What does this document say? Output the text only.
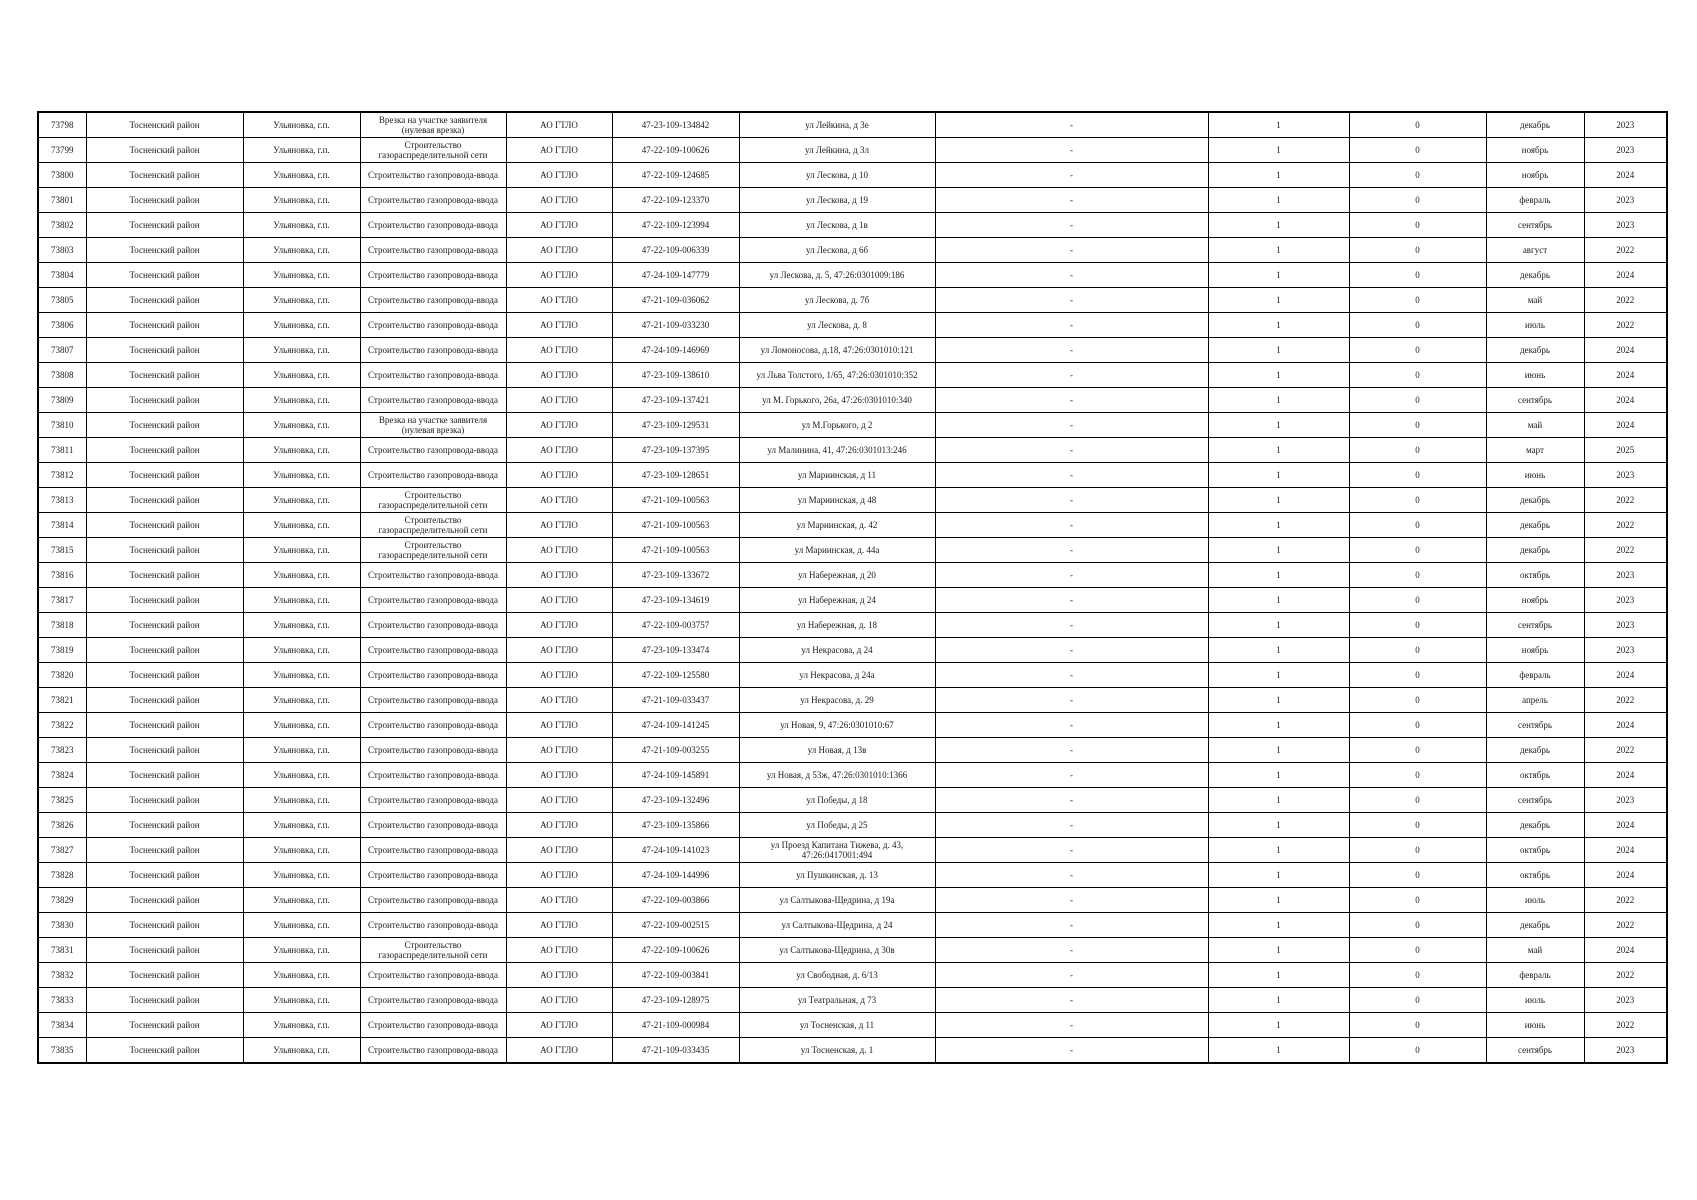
73798	Тосненский район	Ульяновка, г.п.	Врезка на участке заявителя (нулевая врезка)	АО ГТЛО	47-23-109-134842	ул Лейкина, д 3е	-	1	0	декабрь	2023
73799	Тосненский район	Ульяновка, г.п.	Строительство газораспределительной сети	АО ГТЛО	47-22-109-100626	ул Лейкина, д 3л	-	1	0	ноябрь	2023
73800	Тосненский район	Ульяновка, г.п.	Строительство газопровода-ввода	АО ГТЛО	47-22-109-124685	ул Лескова, д 10	-	1	0	ноябрь	2024
73801	Тосненский район	Ульяновка, г.п.	Строительство газопровода-ввода	АО ГТЛО	47-22-109-123370	ул Лескова, д 19	-	1	0	февраль	2023
73802	Тосненский район	Ульяновка, г.п.	Строительство газопровода-ввода	АО ГТЛО	47-22-109-123994	ул Лескова, д 1в	-	1	0	сентябрь	2023
73803	Тосненский район	Ульяновка, г.п.	Строительство газопровода-ввода	АО ГТЛО	47-22-109-006339	ул Лескова, д 6б	-	1	0	август	2022
73804	Тосненский район	Ульяновка, г.п.	Строительство газопровода-ввода	АО ГТЛО	47-24-109-147779	ул Лескова, д. 5, 47:26:0301009:186	-	1	0	декабрь	2024
73805	Тосненский район	Ульяновка, г.п.	Строительство газопровода-ввода	АО ГТЛО	47-21-109-036062	ул Лескова, д. 7б	-	1	0	май	2022
73806	Тосненский район	Ульяновка, г.п.	Строительство газопровода-ввода	АО ГТЛО	47-21-109-033230	ул Лескова, д. 8	-	1	0	июль	2022
73807	Тосненский район	Ульяновка, г.п.	Строительство газопровода-ввода	АО ГТЛО	47-24-109-146969	ул Ломоносова, д.18, 47:26:0301010:121	-	1	0	декабрь	2024
73808	Тосненский район	Ульяновка, г.п.	Строительство газопровода-ввода	АО ГТЛО	47-23-109-138610	ул Льва Толстого, 1/65, 47:26:0301010:352	-	1	0	июнь	2024
73809	Тосненский район	Ульяновка, г.п.	Строительство газопровода-ввода	АО ГТЛО	47-23-109-137421	ул М. Горького, 26а, 47:26:0301010:340	-	1	0	сентябрь	2024
73810	Тосненский район	Ульяновка, г.п.	Врезка на участке заявителя (нулевая врезка)	АО ГТЛО	47-23-109-129531	ул М.Горького, д 2	-	1	0	май	2024
73811	Тосненский район	Ульяновка, г.п.	Строительство газопровода-ввода	АО ГТЛО	47-23-109-137395	ул Малинина, 41, 47:26:0301013:246	-	1	0	март	2025
73812	Тосненский район	Ульяновка, г.п.	Строительство газопровода-ввода	АО ГТЛО	47-23-109-128651	ул Мариинская, д 11	-	1	0	июнь	2023
73813	Тосненский район	Ульяновка, г.п.	Строительство газораспределительной сети	АО ГТЛО	47-21-109-100563	ул Мариинская, д 48	-	1	0	декабрь	2022
73814	Тосненский район	Ульяновка, г.п.	Строительство газораспределительной сети	АО ГТЛО	47-21-109-100563	ул Мариинская, д. 42	-	1	0	декабрь	2022
73815	Тосненский район	Ульяновка, г.п.	Строительство газораспределительной сети	АО ГТЛО	47-21-109-100563	ул Мариинская, д. 44а	-	1	0	декабрь	2022
73816	Тосненский район	Ульяновка, г.п.	Строительство газопровода-ввода	АО ГТЛО	47-23-109-133672	ул Набережная, д 20	-	1	0	октябрь	2023
73817	Тосненский район	Ульяновка, г.п.	Строительство газопровода-ввода	АО ГТЛО	47-23-109-134619	ул Набережная, д 24	-	1	0	ноябрь	2023
73818	Тосненский район	Ульяновка, г.п.	Строительство газопровода-ввода	АО ГТЛО	47-22-109-003757	ул Набережная, д. 18	-	1	0	сентябрь	2023
73819	Тосненский район	Ульяновка, г.п.	Строительство газопровода-ввода	АО ГТЛО	47-23-109-133474	ул Некрасова, д 24	-	1	0	ноябрь	2023
73820	Тосненский район	Ульяновка, г.п.	Строительство газопровода-ввода	АО ГТЛО	47-22-109-125580	ул Некрасова, д 24а	-	1	0	февраль	2024
73821	Тосненский район	Ульяновка, г.п.	Строительство газопровода-ввода	АО ГТЛО	47-21-109-033437	ул Некрасова, д. 29	-	1	0	апрель	2022
73822	Тосненский район	Ульяновка, г.п.	Строительство газопровода-ввода	АО ГТЛО	47-24-109-141245	ул Новая, 9, 47:26:0301010:67	-	1	0	сентябрь	2024
73823	Тосненский район	Ульяновка, г.п.	Строительство газопровода-ввода	АО ГТЛО	47-21-109-003255	ул Новая, д 13в	-	1	0	декабрь	2022
73824	Тосненский район	Ульяновка, г.п.	Строительство газопровода-ввода	АО ГТЛО	47-24-109-145891	ул Новая, д 53ж, 47:26:0301010:1366	-	1	0	октябрь	2024
73825	Тосненский район	Ульяновка, г.п.	Строительство газопровода-ввода	АО ГТЛО	47-23-109-132496	ул Победы, д 18	-	1	0	сентябрь	2023
73826	Тосненский район	Ульяновка, г.п.	Строительство газопровода-ввода	АО ГТЛО	47-23-109-135866	ул Победы, д 25	-	1	0	декабрь	2024
73827	Тосненский район	Ульяновка, г.п.	Строительство газопровода-ввода	АО ГТЛО	47-24-109-141023	ул Проезд Капитана Тижева, д. 43, 47:26:0417001:494	-	1	0	октябрь	2024
73828	Тосненский район	Ульяновка, г.п.	Строительство газопровода-ввода	АО ГТЛО	47-24-109-144996	ул Пушкинская, д. 13	-	1	0	октябрь	2024
73829	Тосненский район	Ульяновка, г.п.	Строительство газопровода-ввода	АО ГТЛО	47-22-109-003866	ул Салтыкова-Щедрина, д 19а	-	1	0	июль	2022
73830	Тосненский район	Ульяновка, г.п.	Строительство газопровода-ввода	АО ГТЛО	47-22-109-002515	ул Салтыкова-Щедрина, д 24	-	1	0	декабрь	2022
73831	Тосненский район	Ульяновка, г.п.	Строительство газораспределительной сети	АО ГТЛО	47-22-109-100626	ул Салтыкова-Щедрина, д 30в	-	1	0	май	2024
73832	Тосненский район	Ульяновка, г.п.	Строительство газопровода-ввода	АО ГТЛО	47-22-109-003841	ул Свободная, д. 6/13	-	1	0	февраль	2022
73833	Тосненский район	Ульяновка, г.п.	Строительство газопровода-ввода	АО ГТЛО	47-23-109-128975	ул Театральная, д 73	-	1	0	июль	2023
73834	Тосненский район	Ульяновка, г.п.	Строительство газопровода-ввода	АО ГТЛО	47-21-109-000984	ул Тосненская, д 11	-	1	0	июнь	2022
73835	Тосненский район	Ульяновка, г.п.	Строительство газопровода-ввода	АО ГТЛО	47-21-109-033435	ул Тосненская, д. 1	-	1	0	сентябрь	2023
